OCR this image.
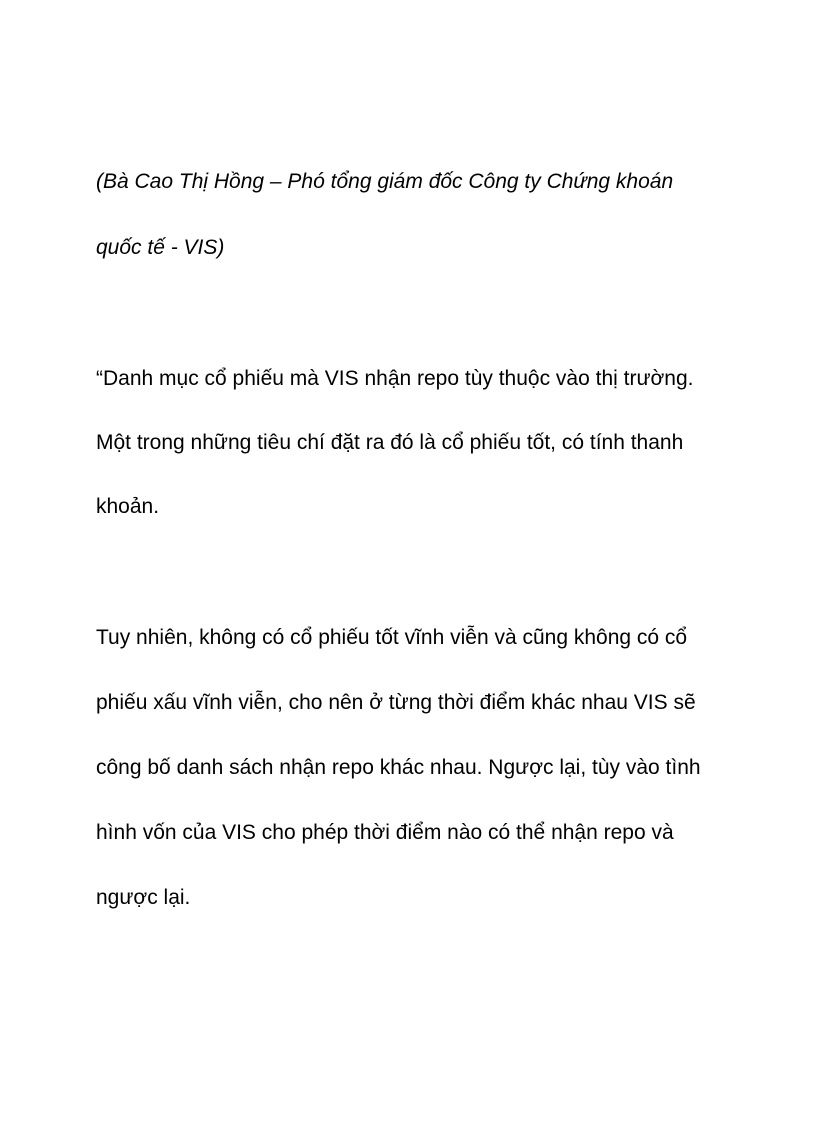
(Bà Cao Thị Hồng – Phó tổng giám đốc Công ty Chứng khoán
quốc tế - VIS)
“Danh mục cổ phiếu mà VIS nhận repo tùy thuộc vào thị trường.
Một trong những tiêu chí đặt ra đó là cổ phiếu tốt, có tính thanh
khoản.
Tuy nhiên, không có cổ phiếu tốt vĩnh viễn và cũng không có cổ
phiếu xấu vĩnh viễn, cho nên ở từng thời điểm khác nhau VIS sẽ
công bố danh sách nhận repo khác nhau. Ngược lại, tùy vào tình
hình vốn của VIS cho phép thời điểm nào có thể nhận repo và
ngược lại.
